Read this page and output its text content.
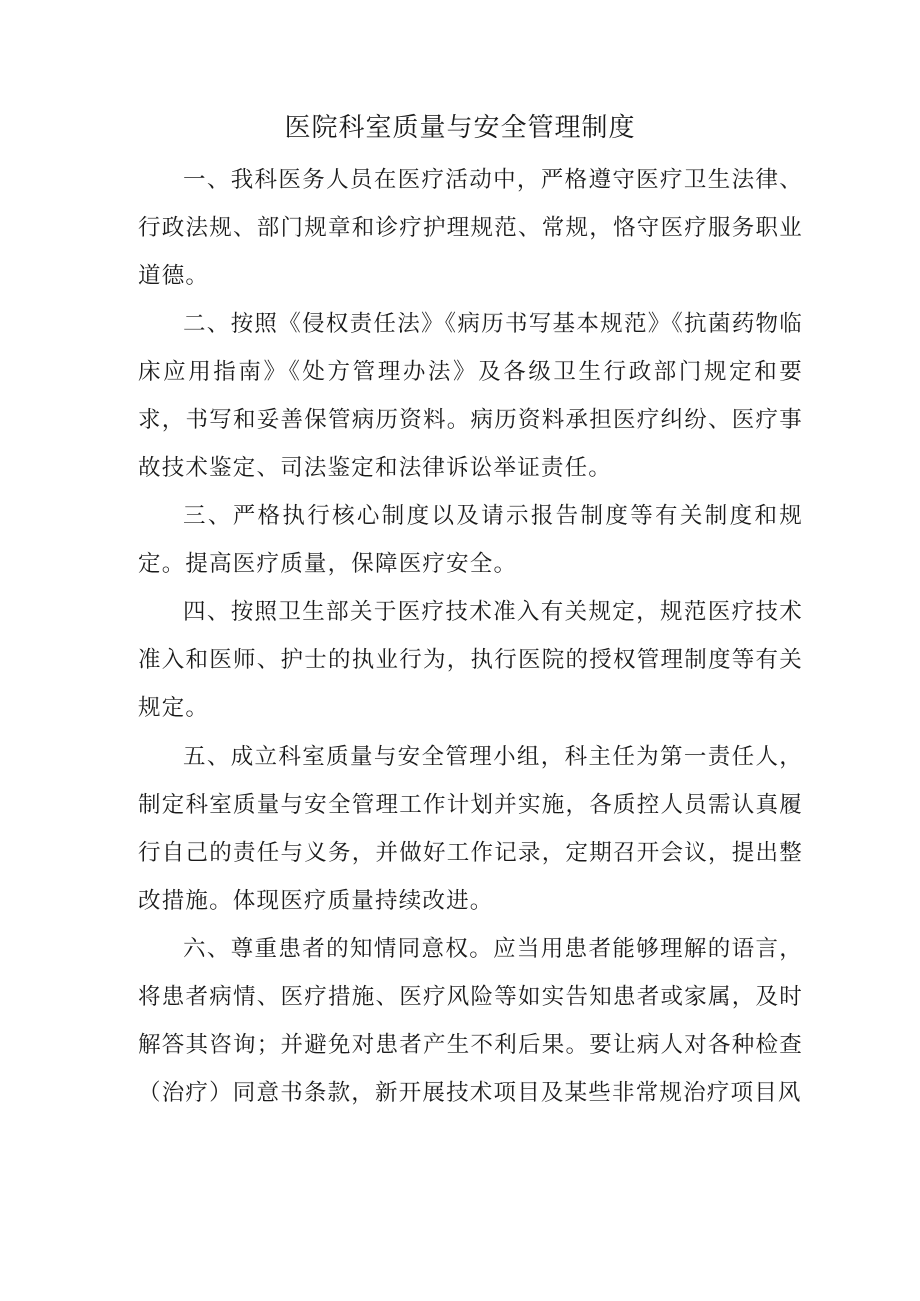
医院科室质量与安全管理制度

一、我科医务人员在医疗活动中，严格遵守医疗卫生法律、行政法规、部门规章和诊疗护理规范、常规，恪守医疗服务职业道德。

二、按照《侵权责任法》《病历书写基本规范》《抗菌药物临床应用指南》《处方管理办法》及各级卫生行政部门规定和要求，书写和妥善保管病历资料。病历资料承担医疗纠纷、医疗事故技术鉴定、司法鉴定和法律诉讼举证责任。

三、严格执行核心制度以及请示报告制度等有关制度和规定。提高医疗质量，保障医疗安全。

四、按照卫生部关于医疗技术准入有关规定，规范医疗技术准入和医师、护士的执业行为，执行医院的授权管理制度等有关规定。

五、成立科室质量与安全管理小组，科主任为第一责任人，制定科室质量与安全管理工作计划并实施，各质控人员需认真履行自己的责任与义务，并做好工作记录，定期召开会议，提出整改措施。体现医疗质量持续改进。

六、尊重患者的知情同意权。应当用患者能够理解的语言，将患者病情、医疗措施、医疗风险等如实告知患者或家属，及时解答其咨询；并避免对患者产生不利后果。要让病人对各种检查（治疗）同意书条款，新开展技术项目及某些非常规治疗项目风
